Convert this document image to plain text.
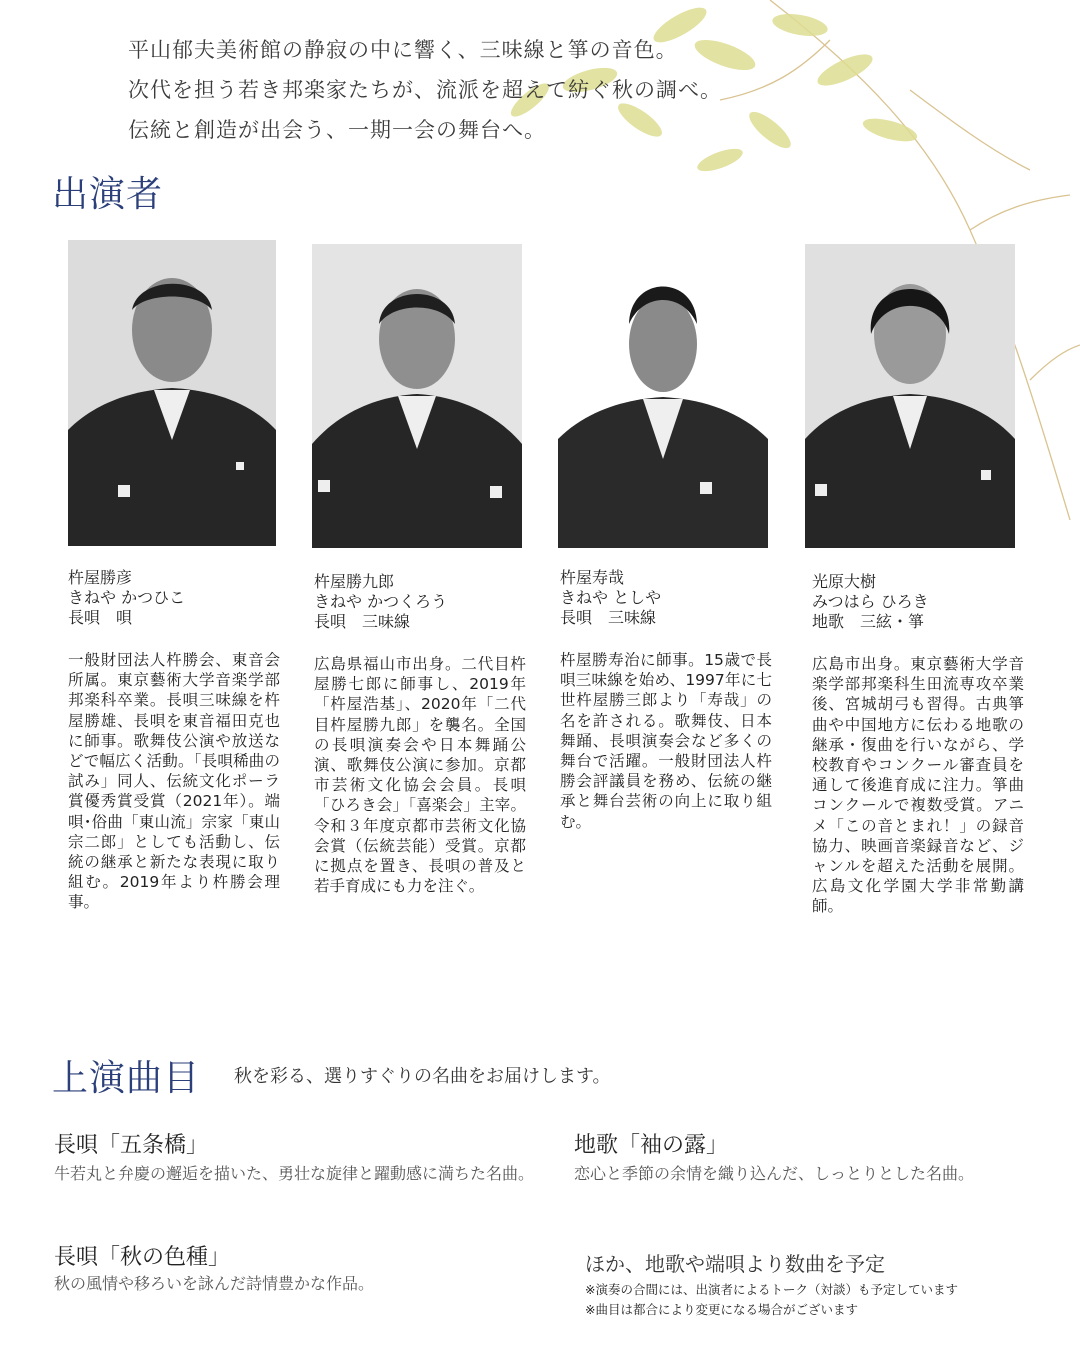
平山郁夫美術館の静寂の中に響く、三味線と箏の音色。
次代を担う若き邦楽家たちが、流派を超えて紡ぐ秋の調べ。
伝統と創造が出会う、一期一会の舞台へ。
出演者
杵屋勝彦
きねや かつひこ
長唄　唄
杵屋勝九郎
きねや かつくろう
長唄　三味線
杵屋寿哉
きねや としや
長唄　三味線
光原大樹
みつはら ひろき
地歌　三絃・箏

一般財団法人杵勝会、東音会所属。東京藝術大学音楽学部邦楽科卒業。長唄三味線を杵屋勝雄、長唄を東音福田克也に師事。歌舞伎公演や放送などで幅広く活動。「長唄稀曲の試み」同人、伝統文化ポーラ賞優秀賞受賞（2021年）。端唄･俗曲「東山流」宗家「東山宗二郎」としても活動し、伝統の継承と新たな表現に取り組む。2019年より杵勝会理事。

広島県福山市出身。二代目杵屋勝七郎に師事し、2019年「杵屋浩基」、2020年「二代目杵屋勝九郎」を襲名。全国の長唄演奏会や日本舞踊公演、歌舞伎公演に参加。京都市芸術文化協会会員。長唄「ひろき会」「喜楽会」主宰。令和３年度京都市芸術文化協会賞（伝統芸能）受賞。京都に拠点を置き、長唄の普及と若手育成にも力を注ぐ。

杵屋勝寿治に師事。15歳で長唄三味線を始め、1997年に七世杵屋勝三郎より「寿哉」の名を許される。歌舞伎、日本舞踊、長唄演奏会など多くの舞台で活躍。一般財団法人杵勝会評議員を務め、伝統の継承と舞台芸術の向上に取り組む。

広島市出身。東京藝術大学音楽学部邦楽科生田流専攻卒業後、宮城胡弓も習得。古典箏曲や中国地方に伝わる地歌の継承・復曲を行いながら、学校教育やコンクール審査員を通して後進育成に注力。箏曲コンクールで複数受賞。アニメ「この音とまれ！」の録音協力、映画音楽録音など、ジャンルを超えた活動を展開。広島文化学園大学非常勤講師。

上演曲目 秋を彩る、選りすぐりの名曲をお届けします。
長唄「五条橋」

牛若丸と弁慶の邂逅を描いた、勇壮な旋律と躍動感に満ちた名曲。

地歌「袖の露」

恋心と季節の余情を織り込んだ、しっとりとした名曲。

長唄「秋の色種」

秋の風情や移ろいを詠んだ詩情豊かな作品。

ほか、地歌や端唄より数曲を予定
※演奏の合間には、出演者によるトーク（対談）も予定しています
※曲目は都合により変更になる場合がございます
